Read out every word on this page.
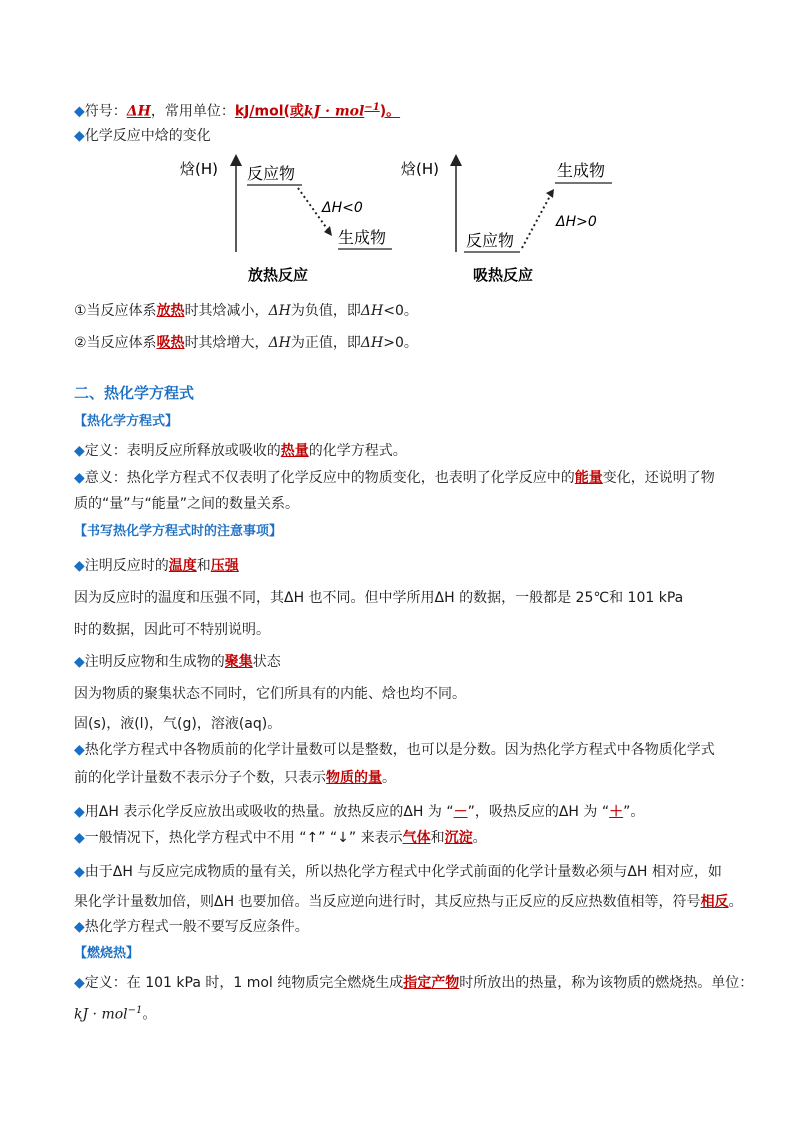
◆符号：ΔH，常用单位：kJ/mol(或kJ · mol$^{-1}$)。
◆化学反应中焓的变化
焓(H) 反应物
ΔH<0
生成物
放热反应
焓(H)
反应物
ΔH>0
生成物
吸热反应
①当反应体系放热时其焓减小，ΔH为负值，即ΔH<0。
②当反应体系吸热时其焓增大，ΔH为正值，即ΔH>0。
二、热化学方程式
【热化学方程式】
◆定义：表明反应所释放或吸收的热量的化学方程式。
◆意义：热化学方程式不仅表明了化学反应中的物质变化，也表明了化学反应中的能量变化，还说明了物
质的“量”与“能量”之间的数量关系。
【书写热化学方程式时的注意事项】
◆注明反应时的温度和压强
因为反应时的温度和压强不同，其ΔH 也不同。但中学所用ΔH 的数据，一般都是 25℃和 101 kPa
时的数据，因此可不特别说明。
◆注明反应物和生成物的聚集状态
因为物质的聚集状态不同时，它们所具有的内能、焓也均不同。
固(s)，液(l)，气(g)，溶液(aq)。
◆热化学方程式中各物质前的化学计量数可以是整数，也可以是分数。因为热化学方程式中各物质化学式
前的化学计量数不表示分子个数，只表示物质的量。
◆用ΔH 表示化学反应放出或吸收的热量。放热反应的ΔH 为 “－”，吸热反应的ΔH 为 “＋”。
◆一般情况下，热化学方程式中不用 “↑” “↓” 来表示气体和沉淀。
◆由于ΔH 与反应完成物质的量有关，所以热化学方程式中化学式前面的化学计量数必须与ΔH 相对应，如
果化学计量数加倍，则ΔH 也要加倍。当反应逆向进行时，其反应热与正反应的反应热数值相等，符号相反。
◆热化学方程式一般不要写反应条件。
【燃烧热】
◆定义：在 101 kPa 时，1 mol 纯物质完全燃烧生成指定产物时所放出的热量，称为该物质的燃烧热。单位：
kJ · mol$^{-1}$。
